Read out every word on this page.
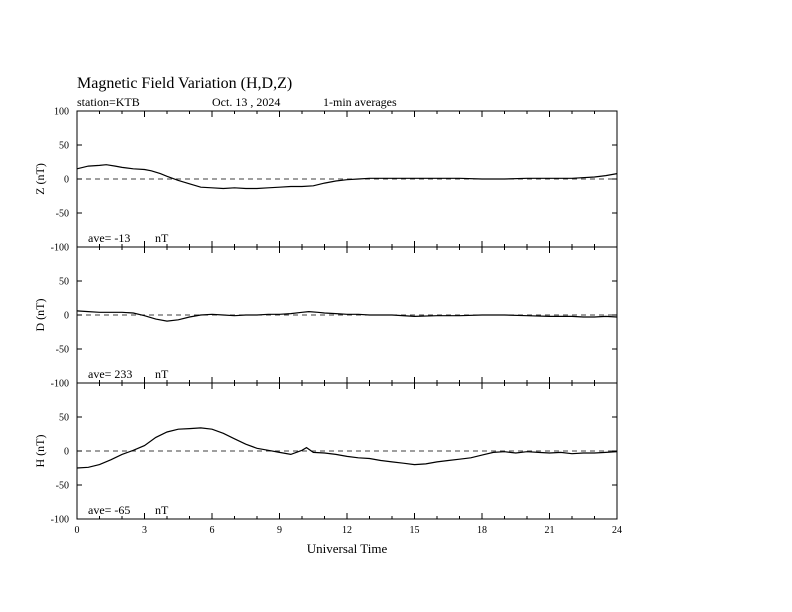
Magnetic Field Variation (H,D,Z)
station=KTB	Oct. 13 , 2024	1-min averages
100
50
0
-50
-100
Z (nT)
ave= -13 nT
50
0
-50
-100
D (nT)
ave= 233 nT
50
0
-50
-100
H (nT)
ave= -65 nT
0	3	6	9	12	15	18	21	24
Universal Time
